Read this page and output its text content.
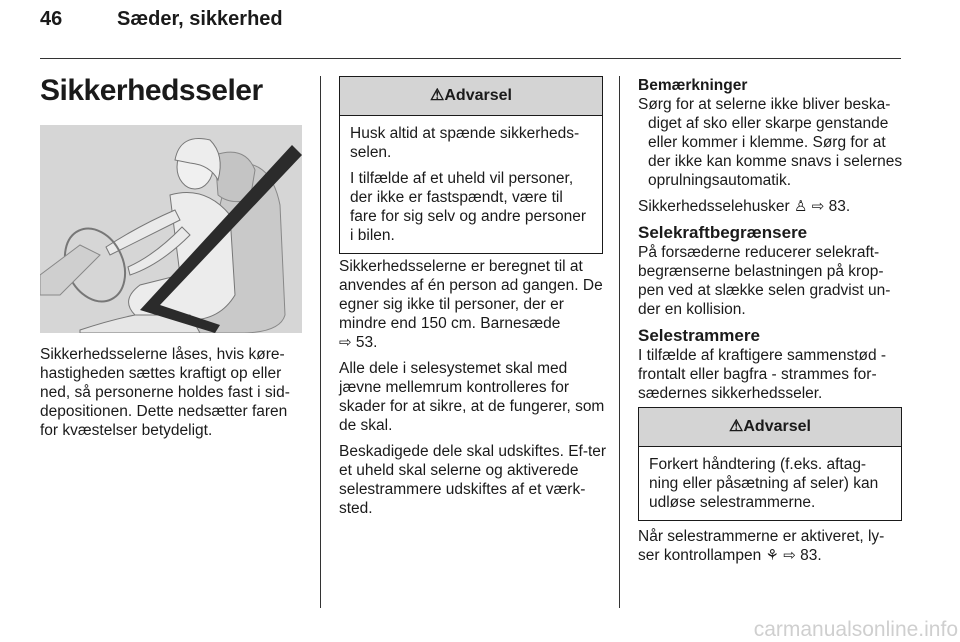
46	Sæder, sikkerhed
Sikkerhedsseler

Sikkerhedsselerne låses, hvis køre-hastigheden sættes kraftigt op eller ned, så personerne holdes fast i sid-depositionen. Dette nedsætter faren for kvæstelser betydeligt.

⚠Advarsel

Husk altid at spænde sikkerheds-selen.

I tilfælde af et uheld vil personer, der ikke er fastspændt, være til fare for sig selv og andre personer i bilen.

Sikkerhedsselerne er beregnet til at anvendes af én person ad gangen. De egner sig ikke til personer, der er mindre end 150 cm. Barnesæde
⇨ 53.

Alle dele i selesystemet skal med jævne mellemrum kontrolleres for skader for at sikre, at de fungerer, som de skal.

Beskadigede dele skal udskiftes. Ef-ter et uheld skal selerne og aktiverede selestrammere udskiftes af et værk-sted.

Bemærkninger

Sørg for at selerne ikke bliver beska-diget af sko eller skarpe genstande eller kommer i klemme. Sørg for at der ikke kan komme snavs i selernes oprulningsautomatik.

Sikkerhedsselehusker ♙ ⇨ 83.

Selekraftbegrænsere

På forsæderne reducerer selekraft-begrænserne belastningen på krop-pen ved at slække selen gradvist un-der en kollision.

Selestrammere

I tilfælde af kraftigere sammenstød - frontalt eller bagfra - strammes for-sædernes sikkerhedsseler.

⚠Advarsel

Forkert håndtering (f.eks. aftag-ning eller påsætning af seler) kan udløse selestrammerne.

Når selestrammerne er aktiveret, ly-ser kontrollampen ⚘ ⇨ 83.

carmanualsonline.info
